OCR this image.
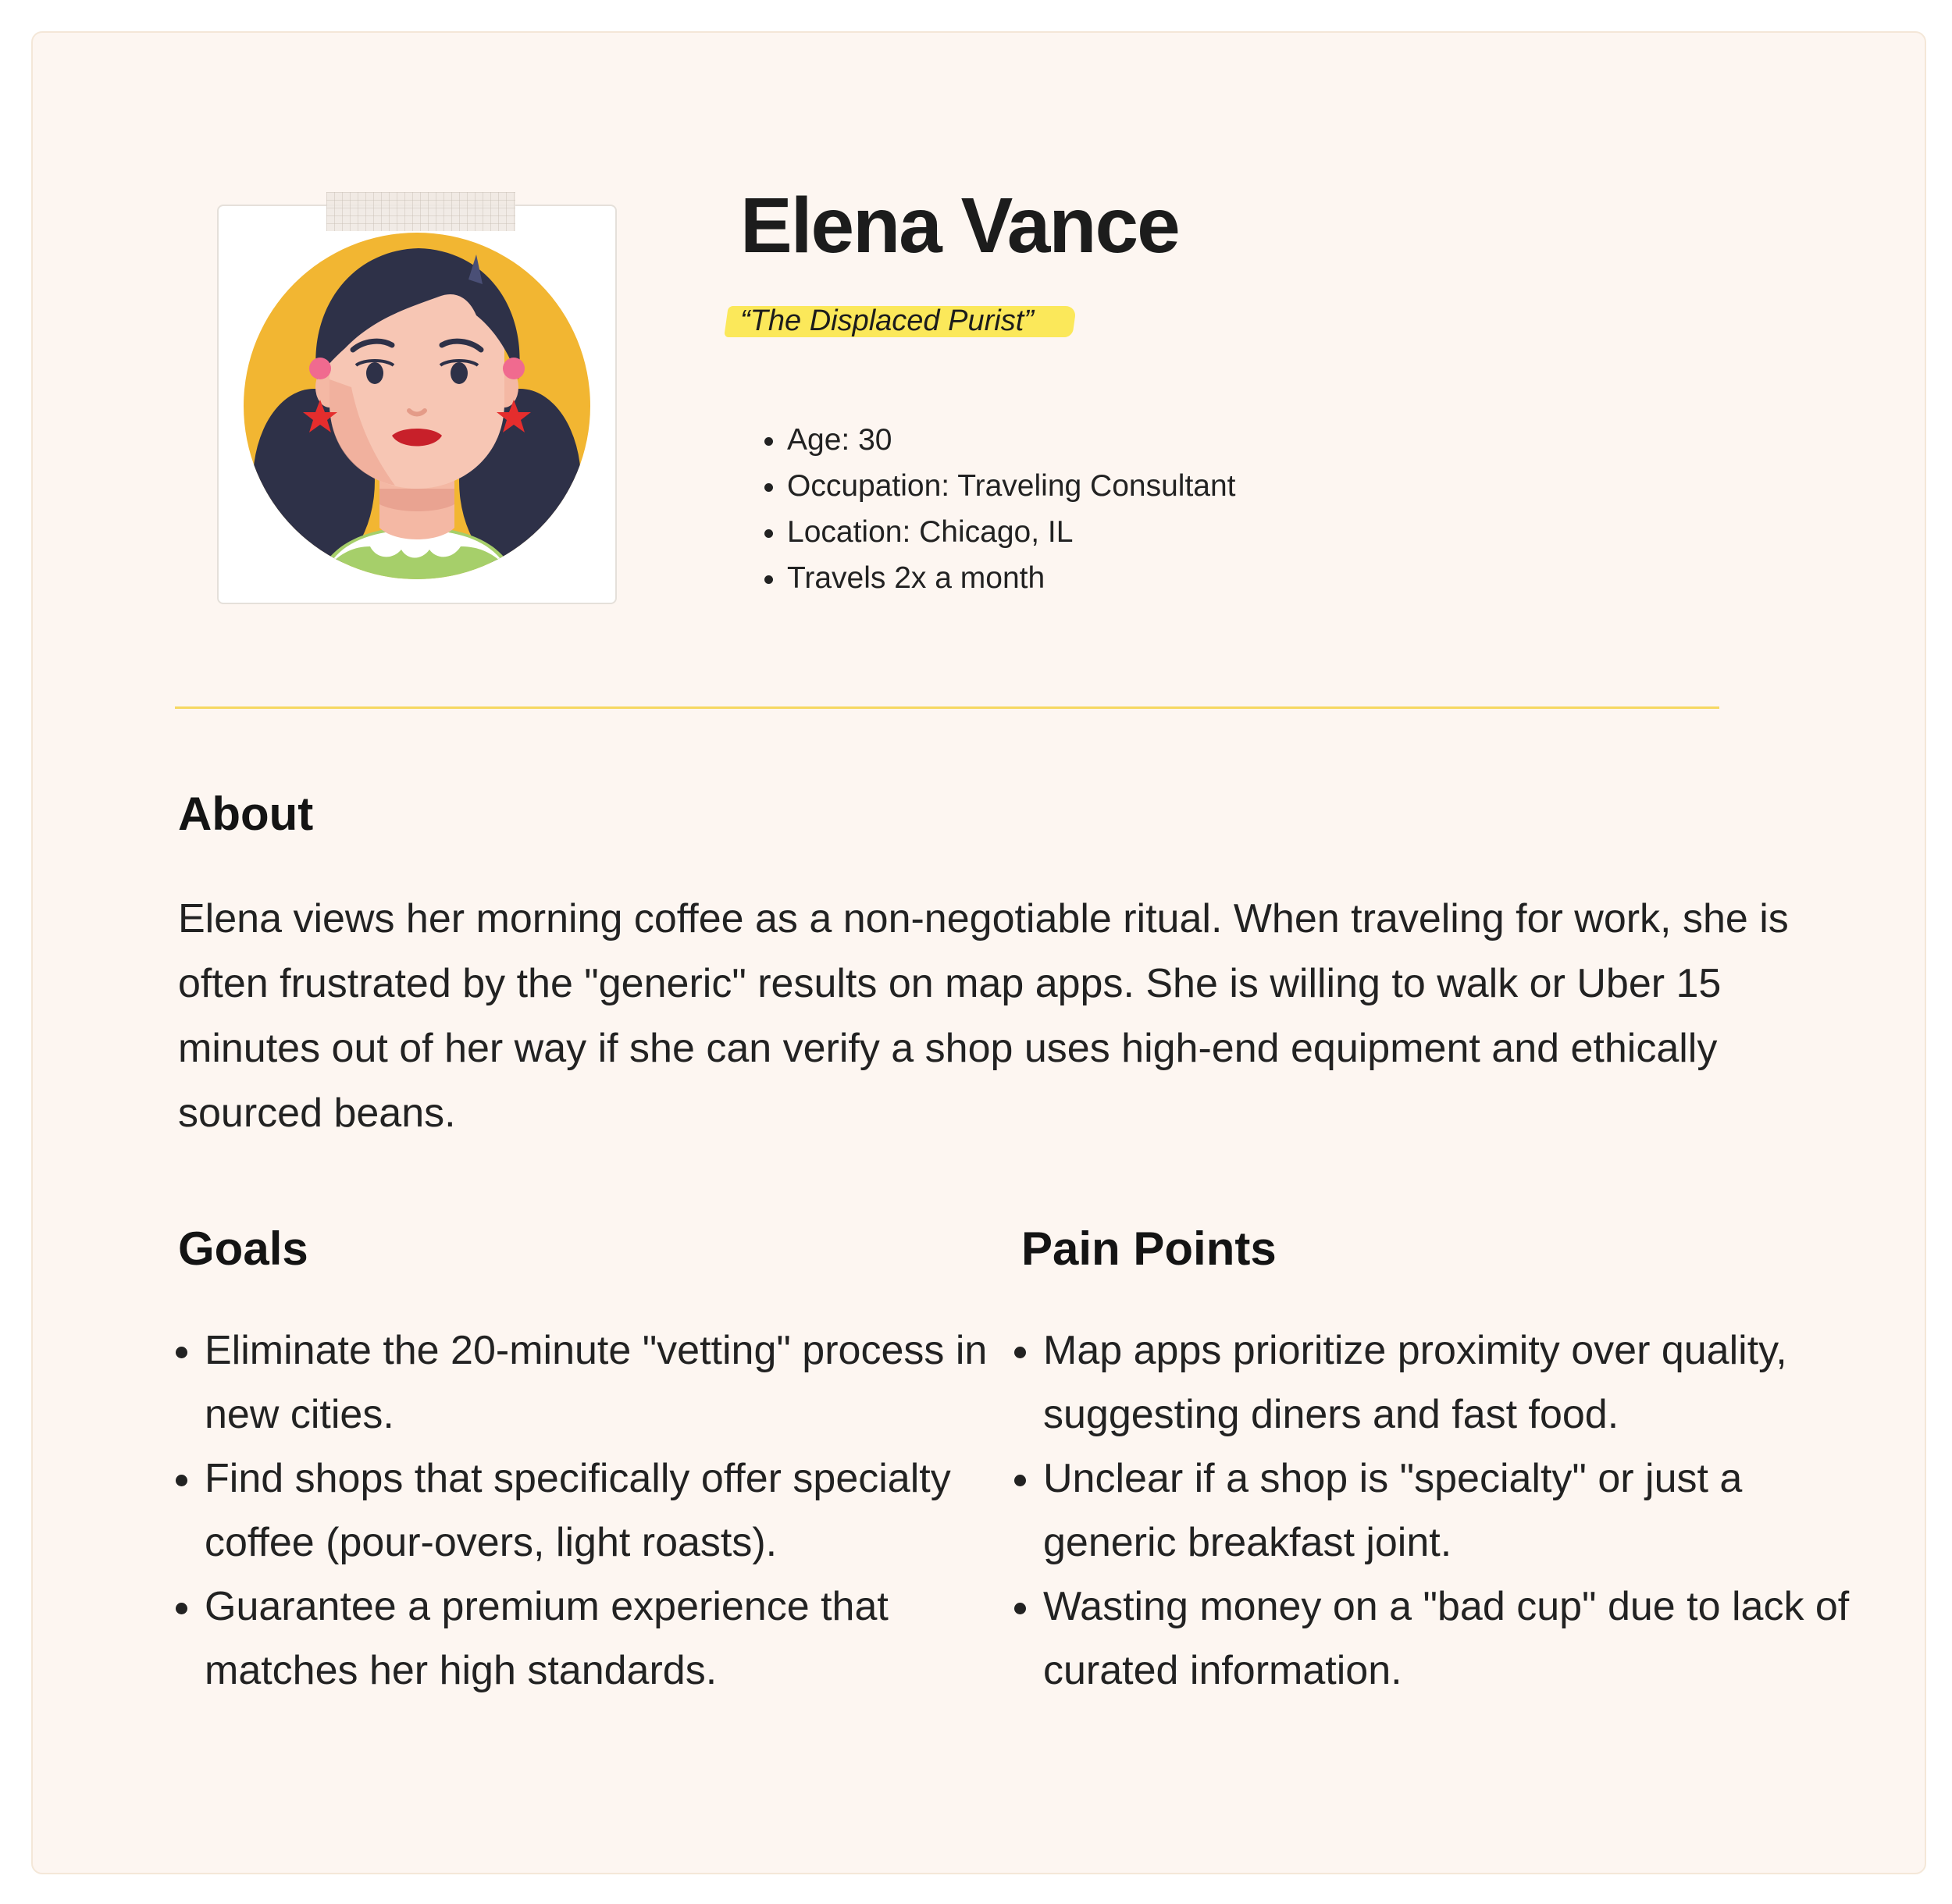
Elena Vance
“The Displaced Purist”
• Age: 30
• Occupation: Traveling Consultant
• Location: Chicago, IL
• Travels 2x a month
About

Elena views her morning coffee as a non-negotiable ritual. When traveling for work, she is often frustrated by the "generic" results on map apps. She is willing to walk or Uber 15 minutes out of her way if she can verify a shop uses high-end equipment and ethically sourced beans.

Goals
• Eliminate the 20-minute "vetting" process in new cities.
• Find shops that specifically offer specialty coffee (pour-overs, light roasts).
• Guarantee a premium experience that matches her high standards.
Pain Points
• Map apps prioritize proximity over quality, suggesting diners and fast food.
• Unclear if a shop is "specialty" or just a generic breakfast joint.
• Wasting money on a "bad cup" due to lack of curated information.
